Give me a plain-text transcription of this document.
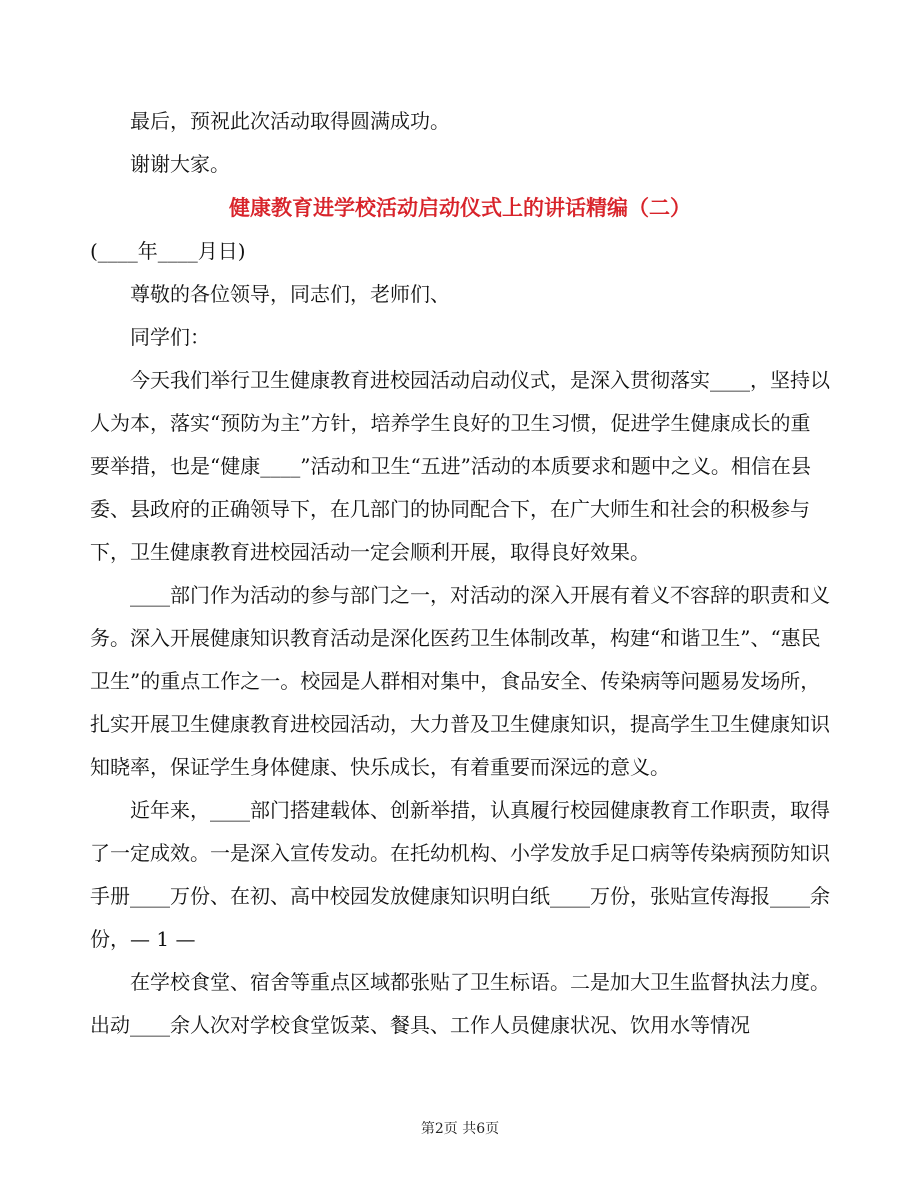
最后，预祝此次活动取得圆满成功。

谢谢大家。

健康教育进学校活动启动仪式上的讲话精编（二）

(____年____月日)

尊敬的各位领导，同志们，老师们、

同学们：

今天我们举行卫生健康教育进校园活动启动仪式，是深入贯彻落实____，坚持以人为本，落实“预防为主”方针，培养学生良好的卫生习惯，促进学生健康成长的重要举措，也是“健康____”活动和卫生“五进”活动的本质要求和题中之义。相信在县委、县政府的正确领导下，在几部门的协同配合下，在广大师生和社会的积极参与下，卫生健康教育进校园活动一定会顺利开展，取得良好效果。

____部门作为活动的参与部门之一，对活动的深入开展有着义不容辞的职责和义务。深入开展健康知识教育活动是深化医药卫生体制改革，构建“和谐卫生”、“惠民卫生”的重点工作之一。校园是人群相对集中，食品安全、传染病等问题易发场所，扎实开展卫生健康教育进校园活动，大力普及卫生健康知识，提高学生卫生健康知识知晓率，保证学生身体健康、快乐成长，有着重要而深远的意义。

近年来，____部门搭建载体、创新举措，认真履行校园健康教育工作职责，取得了一定成效。一是深入宣传发动。在托幼机构、小学发放手足口病等传染病预防知识手册____万份、在初、高中校园发放健康知识明白纸____万份，张贴宣传海报____余份，— 1 —

在学校食堂、宿舍等重点区域都张贴了卫生标语。二是加大卫生监督执法力度。出动____余人次对学校食堂饭菜、餐具、工作人员健康状况、饮用水等情况

第2页 共6页
